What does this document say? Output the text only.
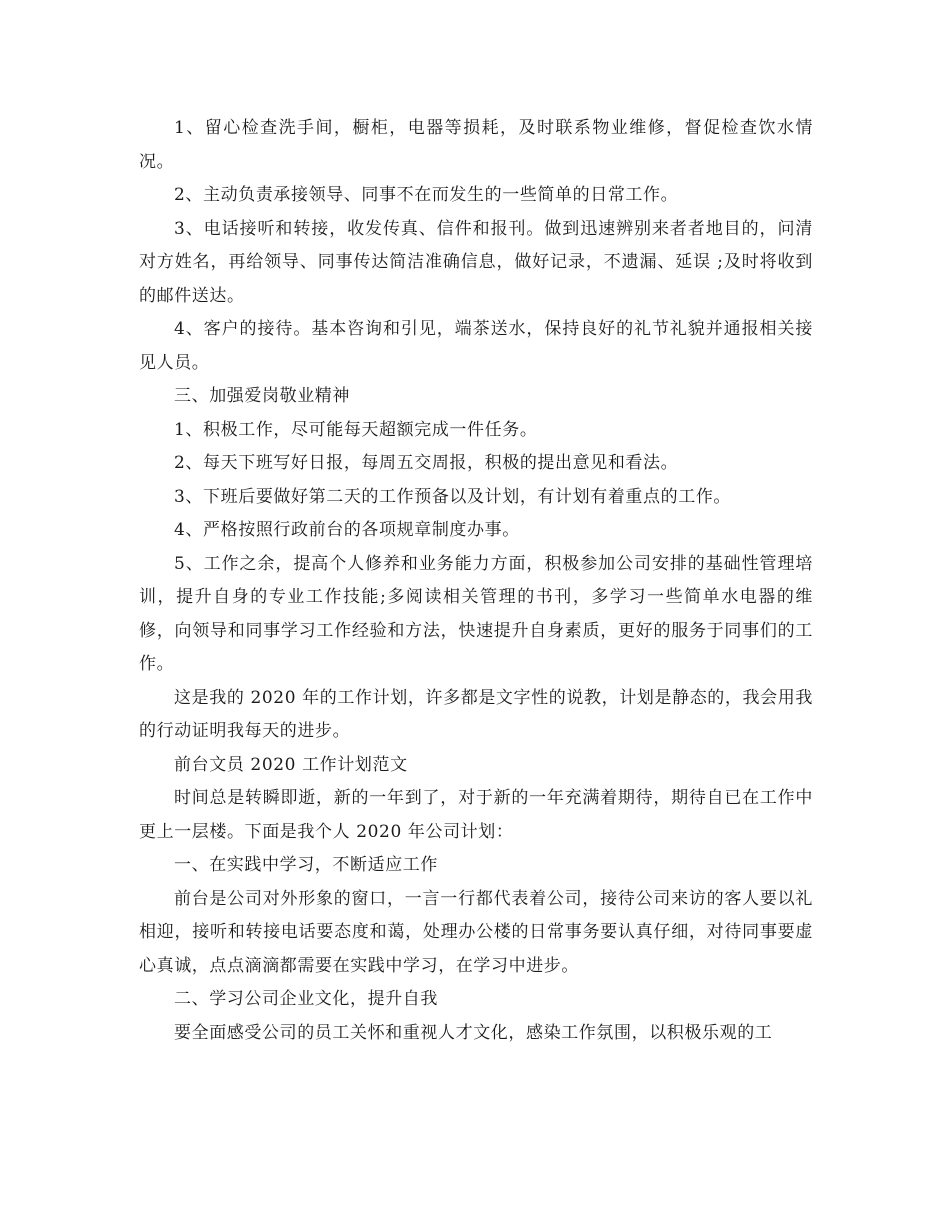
1、留心检查洗手间，橱柜，电器等损耗，及时联系物业维修，督促检查饮水情况。

2、主动负责承接领导、同事不在而发生的一些简单的日常工作。

3、电话接听和转接，收发传真、信件和报刊。做到迅速辨别来者者地目的，问清对方姓名，再给领导、同事传达简洁准确信息，做好记录，不遗漏、延误 ;及时将收到的邮件送达。

4、客户的接待。基本咨询和引见，端茶送水，保持良好的礼节礼貌并通报相关接见人员。

三、加强爱岗敬业精神

1、积极工作，尽可能每天超额完成一件任务。

2、每天下班写好日报，每周五交周报，积极的提出意见和看法。

3、下班后要做好第二天的工作预备以及计划，有计划有着重点的工作。

4、严格按照行政前台的各项规章制度办事。

5、工作之余，提高个人修养和业务能力方面，积极参加公司安排的基础性管理培训，提升自身的专业工作技能;多阅读相关管理的书刊，多学习一些简单水电器的维修，向领导和同事学习工作经验和方法，快速提升自身素质，更好的服务于同事们的工作。

这是我的 2020 年的工作计划，许多都是文字性的说教，计划是静态的，我会用我的行动证明我每天的进步。

前台文员 2020 工作计划范文

时间总是转瞬即逝，新的一年到了，对于新的一年充满着期待，期待自已在工作中更上一层楼。下面是我个人 2020 年公司计划：

一、在实践中学习，不断适应工作

前台是公司对外形象的窗口，一言一行都代表着公司，接待公司来访的客人要以礼相迎，接听和转接电话要态度和蔼，处理办公楼的日常事务要认真仔细，对待同事要虚心真诚，点点滴滴都需要在实践中学习，在学习中进步。

二、学习公司企业文化，提升自我

要全面感受公司的员工关怀和重视人才文化，感染工作氛围，以积极乐观的工
